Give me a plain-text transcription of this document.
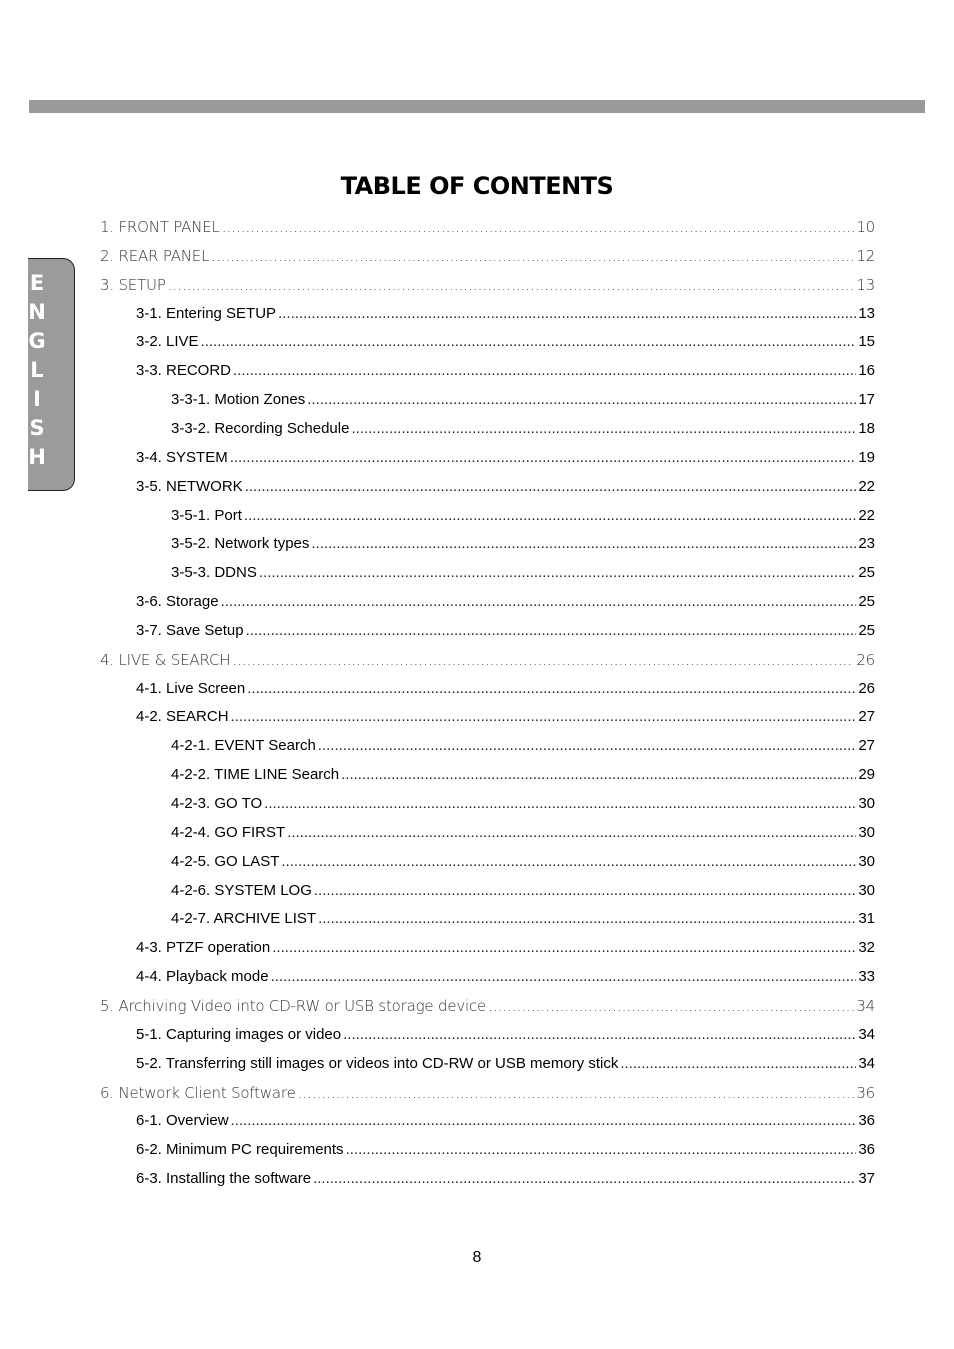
E
N
G
L
I
S
H
TABLE OF CONTENTS
1. FRONT PANEL .....	10
2. REAR PANEL .....	12
3. SETUP .....	13
3-1. Entering SETUP .....	13
3-2. LIVE .....	15
3-3. RECORD .....	16
3-3-1. Motion Zones .....	17
3-3-2. Recording Schedule .....	18
3-4. SYSTEM .....	19
3-5. NETWORK .....	22
3-5-1. Port .....	22
3-5-2. Network types .....	23
3-5-3. DDNS .....	25
3-6. Storage .....	25
3-7. Save Setup .....	25
4. LIVE & SEARCH .....	26
4-1. Live Screen .....	26
4-2. SEARCH .....	27
4-2-1. EVENT Search .....	27
4-2-2. TIME LINE Search .....	29
4-2-3. GO TO .....	30
4-2-4. GO FIRST .....	30
4-2-5. GO LAST .....	30
4-2-6. SYSTEM LOG .....	30
4-2-7. ARCHIVE LIST .....	31
4-3. PTZF operation .....	32
4-4. Playback mode .....	33
5. Archiving Video into CD-RW or USB storage device .....	34
5-1. Capturing images or video .....	34
5-2. Transferring still images or videos into CD-RW or USB memory stick .....	34
6. Network Client Software .....	36
6-1. Overview .....	36
6-2. Minimum PC requirements .....	36
6-3. Installing the software .....	37
8
